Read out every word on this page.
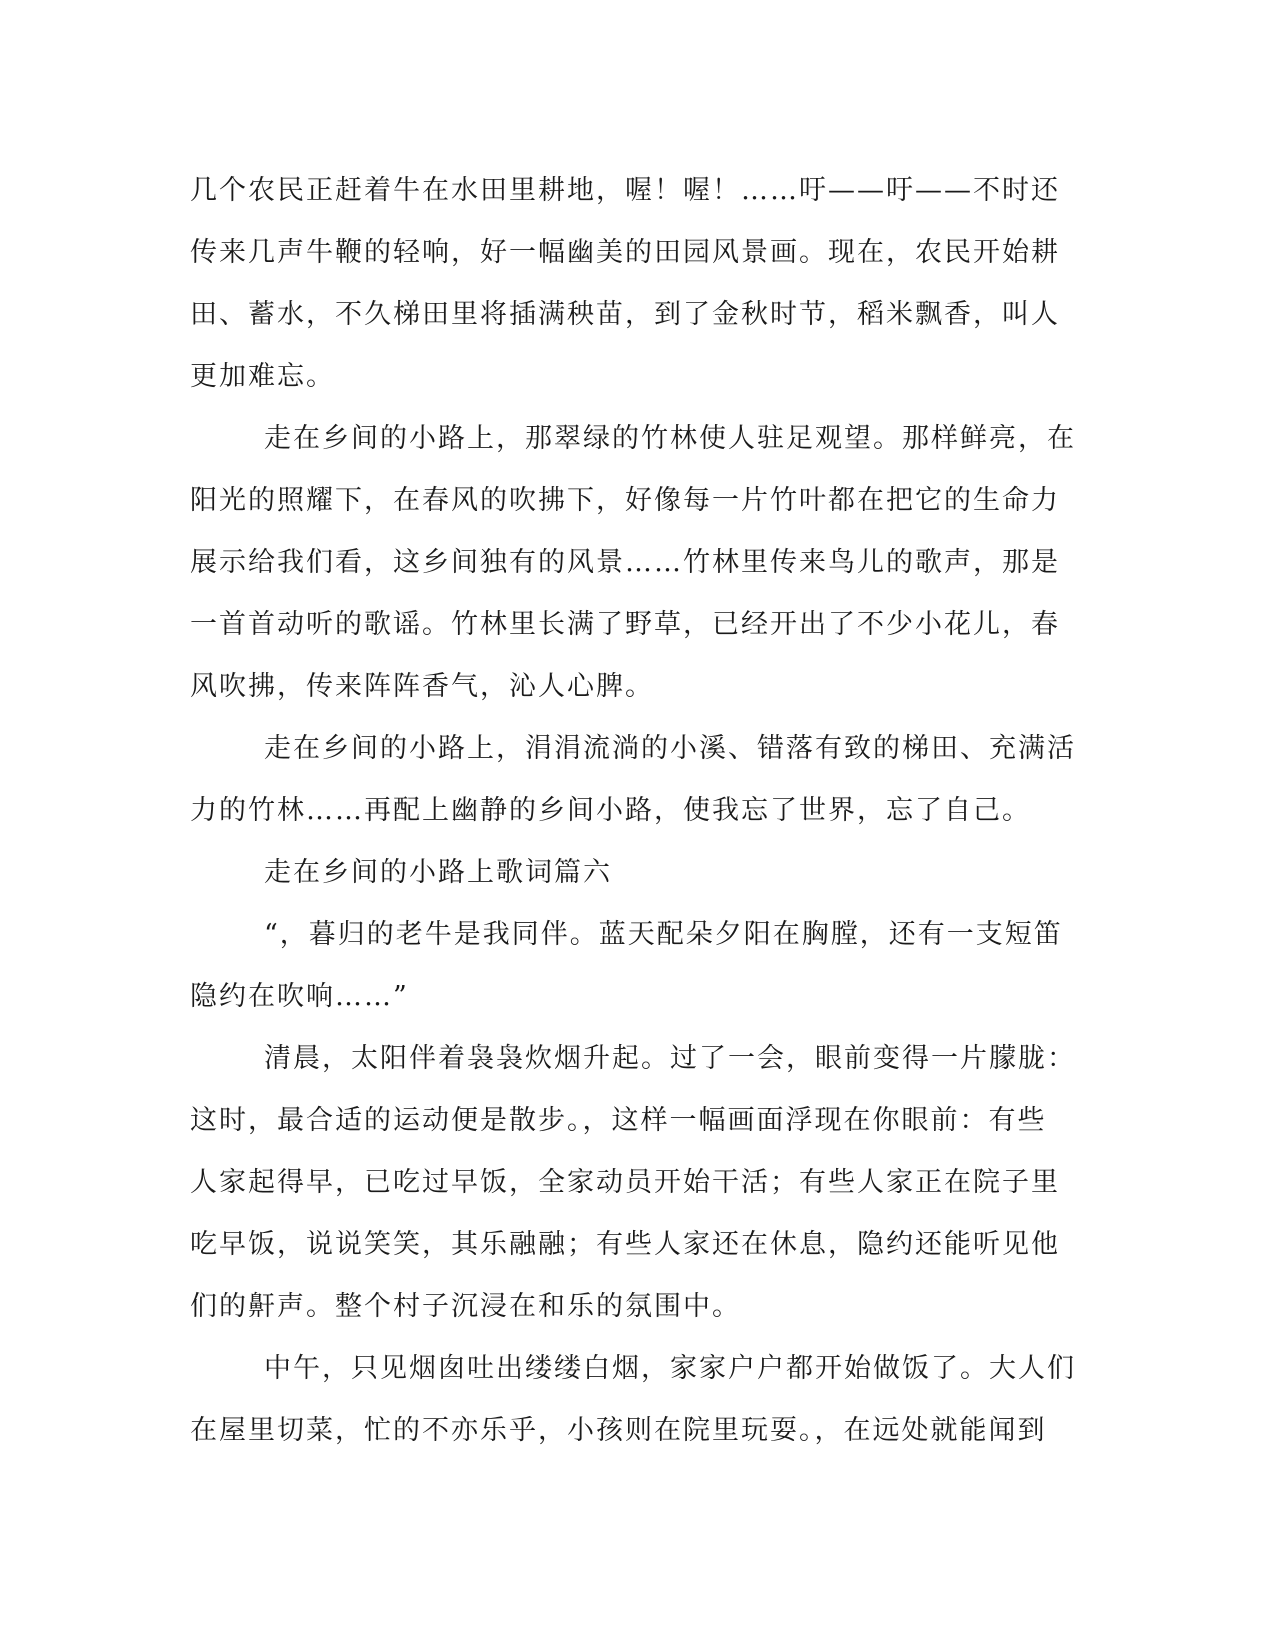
几个农民正赶着牛在水田里耕地，喔！喔！……吁——吁——不时还
传来几声牛鞭的轻响，好一幅幽美的田园风景画。现在，农民开始耕
田、蓄水，不久梯田里将插满秧苗，到了金秋时节，稻米飘香，叫人
更加难忘。
走在乡间的小路上，那翠绿的竹林使人驻足观望。那样鲜亮，在
阳光的照耀下，在春风的吹拂下，好像每一片竹叶都在把它的生命力
展示给我们看，这乡间独有的风景……竹林里传来鸟儿的歌声，那是
一首首动听的歌谣。竹林里长满了野草，已经开出了不少小花儿，春
风吹拂，传来阵阵香气，沁人心脾。
走在乡间的小路上，涓涓流淌的小溪、错落有致的梯田、充满活
力的竹林……再配上幽静的乡间小路，使我忘了世界，忘了自己。
走在乡间的小路上歌词篇六
“，暮归的老牛是我同伴。蓝天配朵夕阳在胸膛，还有一支短笛
隐约在吹响……”
清晨，太阳伴着袅袅炊烟升起。过了一会，眼前变得一片朦胧：
这时，最合适的运动便是散步。，这样一幅画面浮现在你眼前：有些
人家起得早，已吃过早饭，全家动员开始干活；有些人家正在院子里
吃早饭，说说笑笑，其乐融融；有些人家还在休息，隐约还能听见他
们的鼾声。整个村子沉浸在和乐的氛围中。
中午，只见烟囱吐出缕缕白烟，家家户户都开始做饭了。大人们
在屋里切菜，忙的不亦乐乎，小孩则在院里玩耍。，在远处就能闻到
